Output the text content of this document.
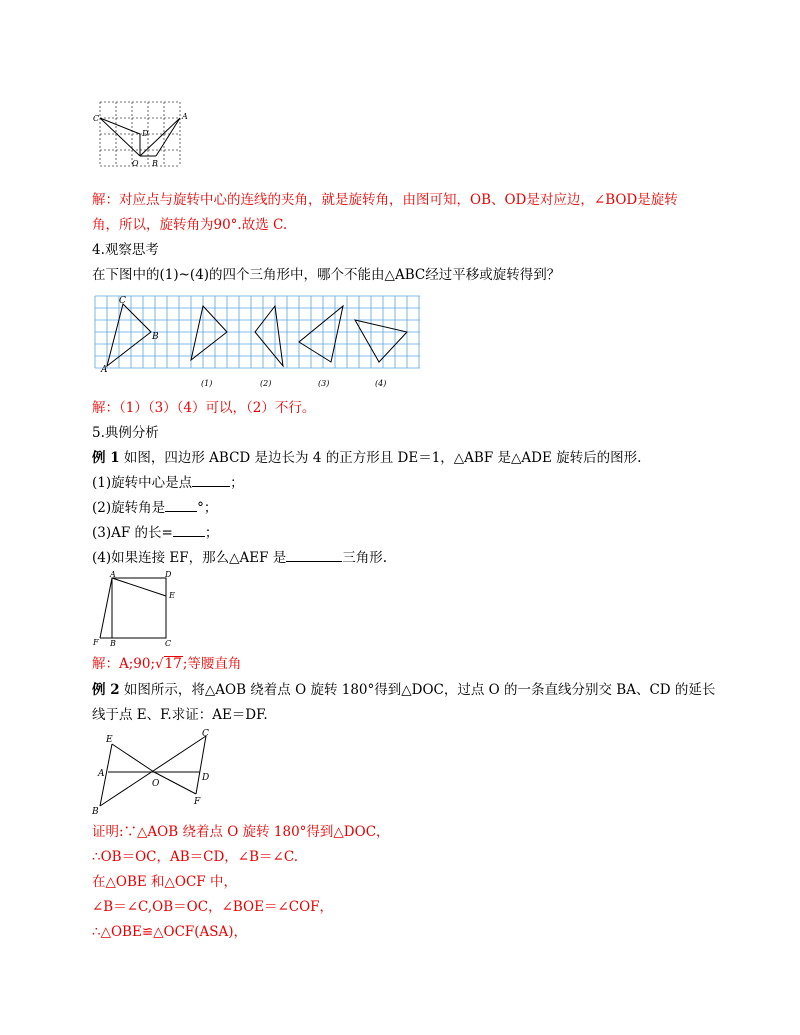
C
D
A
O B
解：对应点与旋转中心的连线的夹角，就是旋转角，由图可知，OB、OD是对应边，∠BOD是旋转
角，所以，旋转角为90°.故选 C.
4.观察思考
在下图中的(1)~(4)的四个三角形中，哪个不能由△ABC经过平移或旋转得到？
C
B
A
(1)	(2)	(3)	(4)
解：（1）（3）（4）可以，（2）不行。
5.典例分析
例 1 如图，四边形 ABCD 是边长为 4 的正方形且 DE＝1，△ABF 是△ADE 旋转后的图形.
(1)旋转中心是点	；
(2)旋转角是 °；
(3)AF 的长= ；
(4)如果连接 EF，那么△AEF 是	三角形.
A	D
E
F B	C
解：A;90;√17;等腰直角
例 2 如图所示，将△AOB 绕着点 O 旋转 180°得到△DOC，过点 O 的一条直线分别交 BA、CD 的延长
线于点 E、F.求证：AE＝DF.
E
C
A
O
D
B
F
证明:∵△AOB 绕着点 O 旋转 180°得到△DOC，
∴OB＝OC，AB＝CD，∠B＝∠C.
在△OBE 和△OCF 中，
∠B＝∠C,OB＝OC，∠BOE＝∠COF，
∴△OBE≌△OCF(ASA)，
